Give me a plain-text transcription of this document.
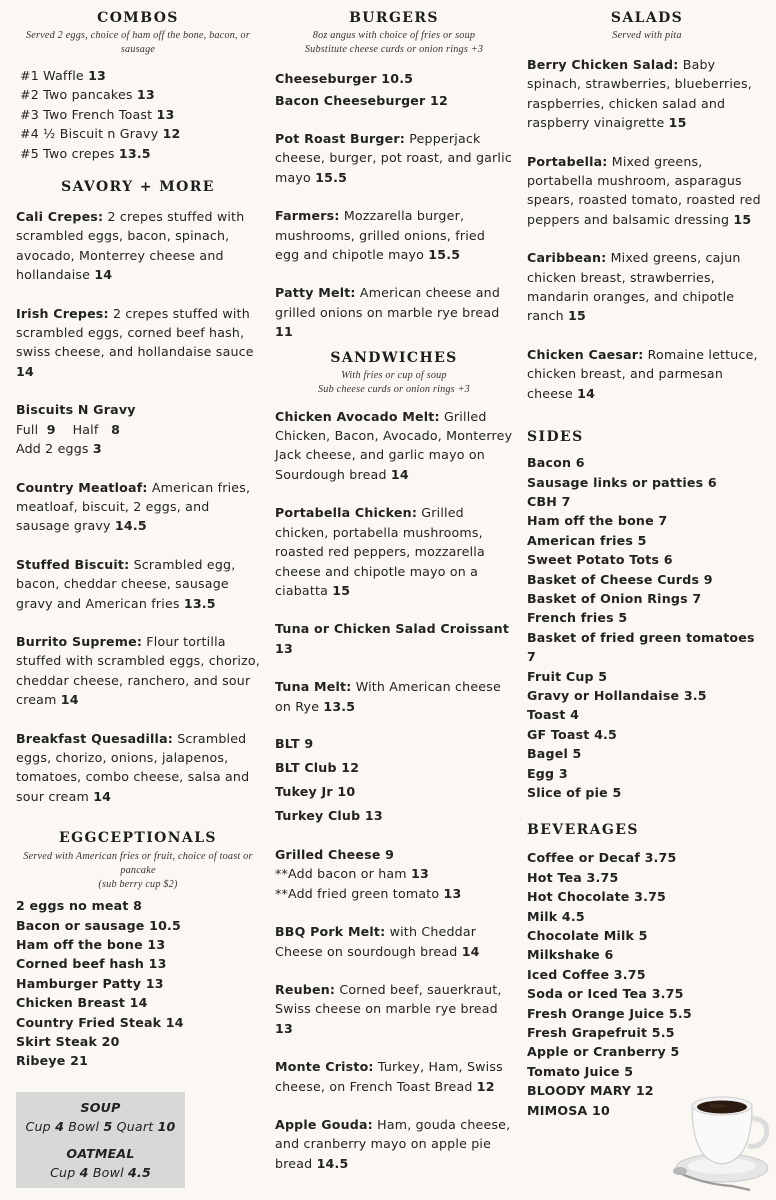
COMBOS
Served 2 eggs, choice of ham off the bone, bacon, or sausage
#1 Waffle 13
#2 Two pancakes 13
#3 Two French Toast 13
#4 ½ Biscuit n Gravy 12
#5 Two crepes 13.5
SAVORY + MORE

Cali Crepes: 2 crepes stuffed with scrambled eggs, bacon, spinach, avocado, Monterrey cheese and hollandaise 14

Irish Crepes: 2 crepes stuffed with scrambled eggs, corned beef hash, swiss cheese, and hollandaise sauce 14

Biscuits N Gravy
Full 9 Half 8
Add 2 eggs 3

Country Meatloaf: American fries, meatloaf, biscuit, 2 eggs, and sausage gravy 14.5

Stuffed Biscuit: Scrambled egg, bacon, cheddar cheese, sausage gravy and American fries 13.5

Burrito Supreme: Flour tortilla stuffed with scrambled eggs, chorizo, cheddar cheese, ranchero, and sour cream 14

Breakfast Quesadilla: Scrambled eggs, chorizo, onions, jalapenos, tomatoes, combo cheese, salsa and sour cream 14

EGGCEPTIONALS
Served with American fries or fruit, choice of toast or pancake
(sub berry cup $2)
2 eggs no meat 8
Bacon or sausage 10.5
Ham off the bone 13
Corned beef hash 13
Hamburger Patty 13
Chicken Breast 14
Country Fried Steak 14
Skirt Steak 20
Ribeye 21
SOUP
Cup 4 Bowl 5 Quart 10
OATMEAL
Cup 4 Bowl 4.5
BURGERS
8oz angus with choice of fries or soup
Substitute cheese curds or onion rings +3
Cheeseburger 10.5
Bacon Cheeseburger 12

Pot Roast Burger: Pepperjack cheese, burger, pot roast, and garlic mayo 15.5

Farmers: Mozzarella burger, mushrooms, grilled onions, fried egg and chipotle mayo 15.5

Patty Melt: American cheese and grilled onions on marble rye bread 11

SANDWICHES
With fries or cup of soup
Sub cheese curds or onion rings +3

Chicken Avocado Melt: Grilled Chicken, Bacon, Avocado, Monterrey Jack cheese, and garlic mayo on Sourdough bread 14

Portabella Chicken: Grilled chicken, portabella mushrooms, roasted red peppers, mozzarella cheese and chipotle mayo on a ciabatta 15

Tuna or Chicken Salad Croissant 13

Tuna Melt: With American cheese on Rye 13.5

BLT 9
BLT Club 12
Tukey Jr 10
Turkey Club 13
Grilled Cheese 9
**Add bacon or ham 13
**Add fried green tomato 13

BBQ Pork Melt: with Cheddar Cheese on sourdough bread 14

Reuben: Corned beef, sauerkraut, Swiss cheese on marble rye bread 13

Monte Cristo: Turkey, Ham, Swiss cheese, on French Toast Bread 12

Apple Gouda: Ham, gouda cheese, and cranberry mayo on apple pie bread 14.5

SALADS
Served with pita

Berry Chicken Salad: Baby spinach, strawberries, blueberries, raspberries, chicken salad and raspberry vinaigrette 15

Portabella: Mixed greens, portabella mushroom, asparagus spears, roasted tomato, roasted red peppers and balsamic dressing 15

Caribbean: Mixed greens, cajun chicken breast, strawberries, mandarin oranges, and chipotle ranch 15

Chicken Caesar: Romaine lettuce, chicken breast, and parmesan cheese 14

SIDES
Bacon 6
Sausage links or patties 6
CBH 7
Ham off the bone 7
American fries 5
Sweet Potato Tots 6
Basket of Cheese Curds 9
Basket of Onion Rings 7
French fries 5
Basket of fried green tomatoes
7
Fruit Cup 5
Gravy or Hollandaise 3.5
Toast 4
GF Toast 4.5
Bagel 5
Egg 3
Slice of pie 5
BEVERAGES
Coffee or Decaf 3.75
Hot Tea 3.75
Hot Chocolate 3.75
Milk 4.5
Chocolate Milk 5
Milkshake 6
Iced Coffee 3.75
Soda or Iced Tea 3.75
Fresh Orange Juice 5.5
Fresh Grapefruit 5.5
Apple or Cranberry 5
Tomato Juice 5
BLOODY MARY 12
MIMOSA 10
